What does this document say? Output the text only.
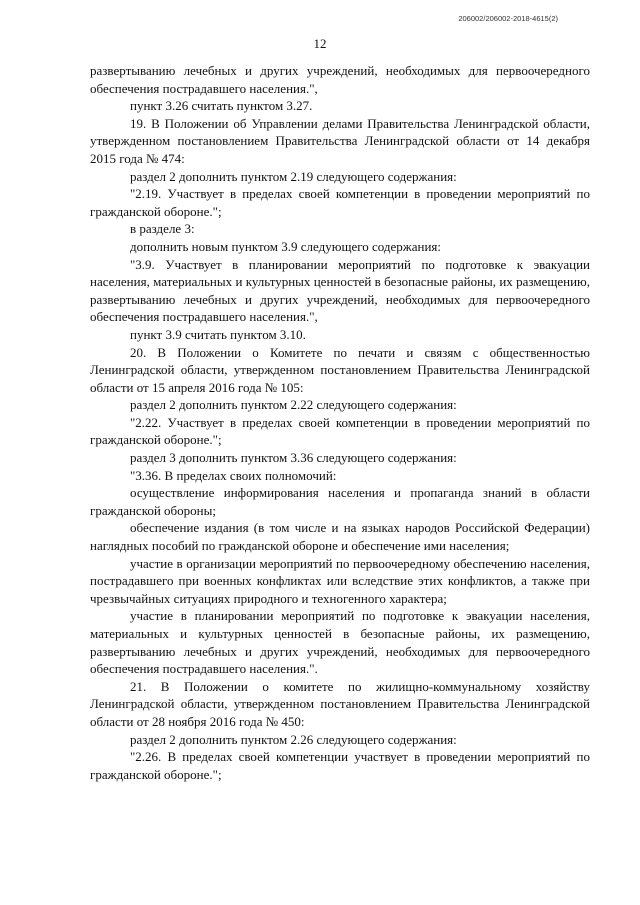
206002/206002-2018-4615(2)
12

развертыванию лечебных и других учреждений, необходимых для первоочередного обеспечения пострадавшего населения.",

пункт 3.26 считать пунктом 3.27.

19. В Положении об Управлении делами Правительства Ленинградской области, утвержденном постановлением Правительства Ленинградской области от 14 декабря 2015 года № 474:

раздел 2 дополнить пунктом 2.19 следующего содержания:

"2.19. Участвует в пределах своей компетенции в проведении мероприятий по гражданской обороне.";

в разделе 3:

дополнить новым пунктом 3.9 следующего содержания:

"3.9. Участвует в планировании мероприятий по подготовке к эвакуации населения, материальных и культурных ценностей в безопасные районы, их размещению, развертыванию лечебных и других учреждений, необходимых для первоочередного обеспечения пострадавшего населения.",

пункт 3.9 считать пунктом 3.10.

20. В Положении о Комитете по печати и связям с общественностью Ленинградской области, утвержденном постановлением Правительства Ленинградской области от 15 апреля 2016 года № 105:

раздел 2 дополнить пунктом 2.22 следующего содержания:

"2.22. Участвует в пределах своей компетенции в проведении мероприятий по гражданской обороне.";

раздел 3 дополнить пунктом 3.36 следующего содержания:

"3.36. В пределах своих полномочий:

осуществление информирования населения и пропаганда знаний в области гражданской обороны;

обеспечение издания (в том числе и на языках народов Российской Федерации) наглядных пособий по гражданской обороне и обеспечение ими населения;

участие в организации мероприятий по первоочередному обеспечению населения, пострадавшего при военных конфликтах или вследствие этих конфликтов, а также при чрезвычайных ситуациях природного и техногенного характера;

участие в планировании мероприятий по подготовке к эвакуации населения, материальных и культурных ценностей в безопасные районы, их размещению, развертыванию лечебных и других учреждений, необходимых для первоочередного обеспечения пострадавшего населения.".

21. В Положении о комитете по жилищно-коммунальному хозяйству Ленинградской области, утвержденном постановлением Правительства Ленинградской области от 28 ноября 2016 года № 450:

раздел 2 дополнить пунктом 2.26 следующего содержания:

"2.26. В пределах своей компетенции участвует в проведении мероприятий по гражданской обороне.";
